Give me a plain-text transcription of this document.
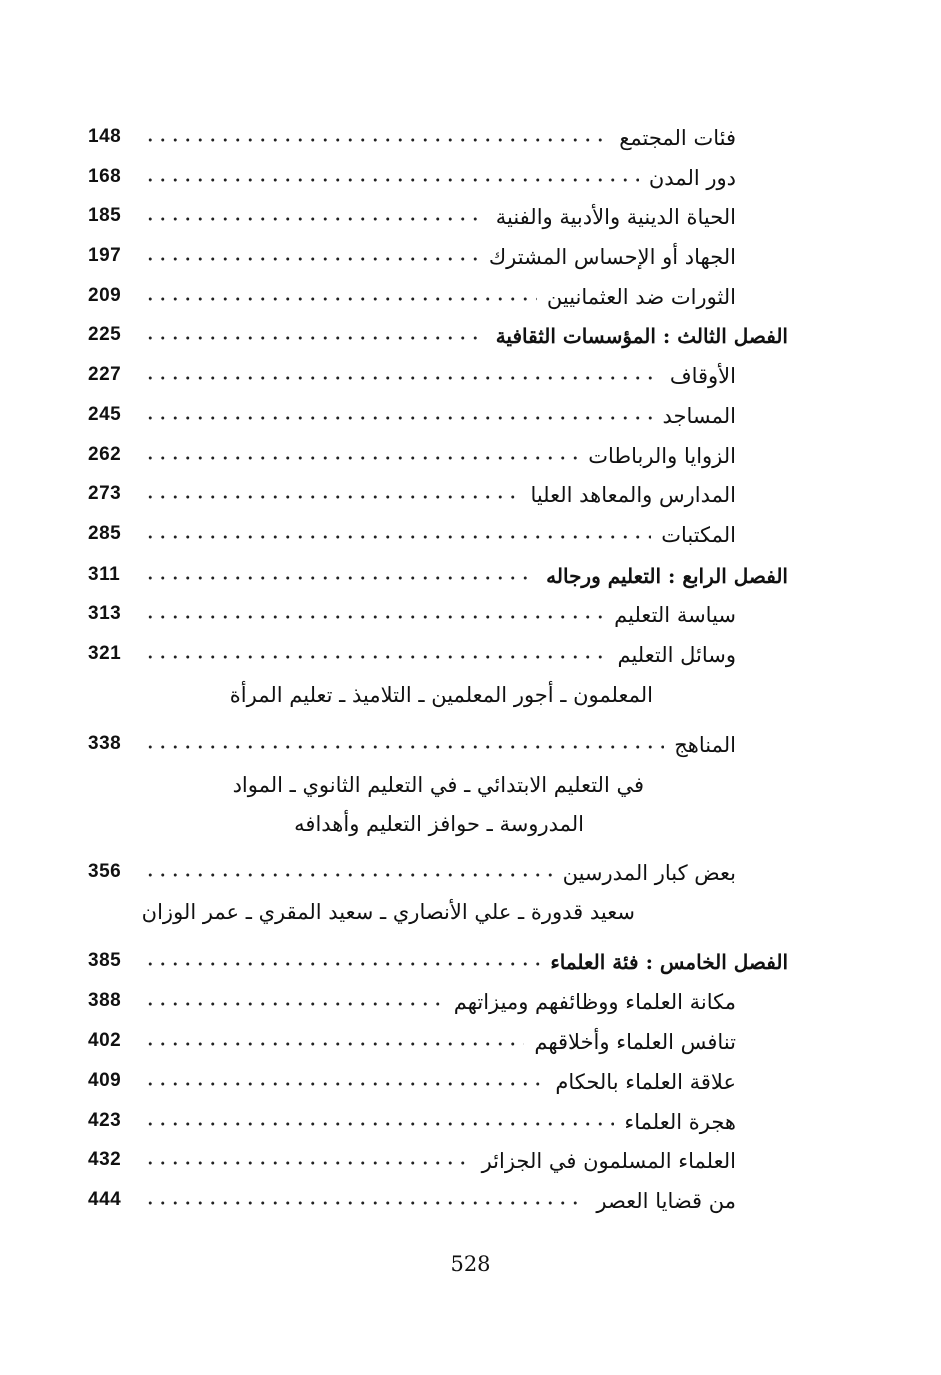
148	فئات المجتمع
168	دور المدن
185	الحياة الدينية والأدبية والفنية
197	الجهاد أو الإحساس المشترك
209	الثورات ضد العثمانيين
225	الفصل الثالث : المؤسسات الثقافية
227	الأوقاف
245	المساجد
262	الزوايا والرباطات
273	المدارس والمعاهد العليا
285	المكتبات
311	الفصل الرابع : التعليم ورجاله
313	سياسة التعليم
321	وسائل التعليم
المعلمون ـ أجور المعلمين ـ التلاميذ ـ تعليم المرأة
338	المناهج
في التعليم الابتدائي ـ في التعليم الثانوي ـ المواد
المدروسة ـ حوافز التعليم وأهدافه
356	بعض كبار المدرسين
سعيد قدورة ـ علي الأنصاري ـ سعيد المقري ـ عمر الوزان
385	الفصل الخامس : فئة العلماء
388	مكانة العلماء ووظائفهم وميزاتهم
402	تنافس العلماء وأخلاقهم
409	علاقة العلماء بالحكام
423	هجرة العلماء
432	العلماء المسلمون في الجزائر
444	من قضايا العصر
528
